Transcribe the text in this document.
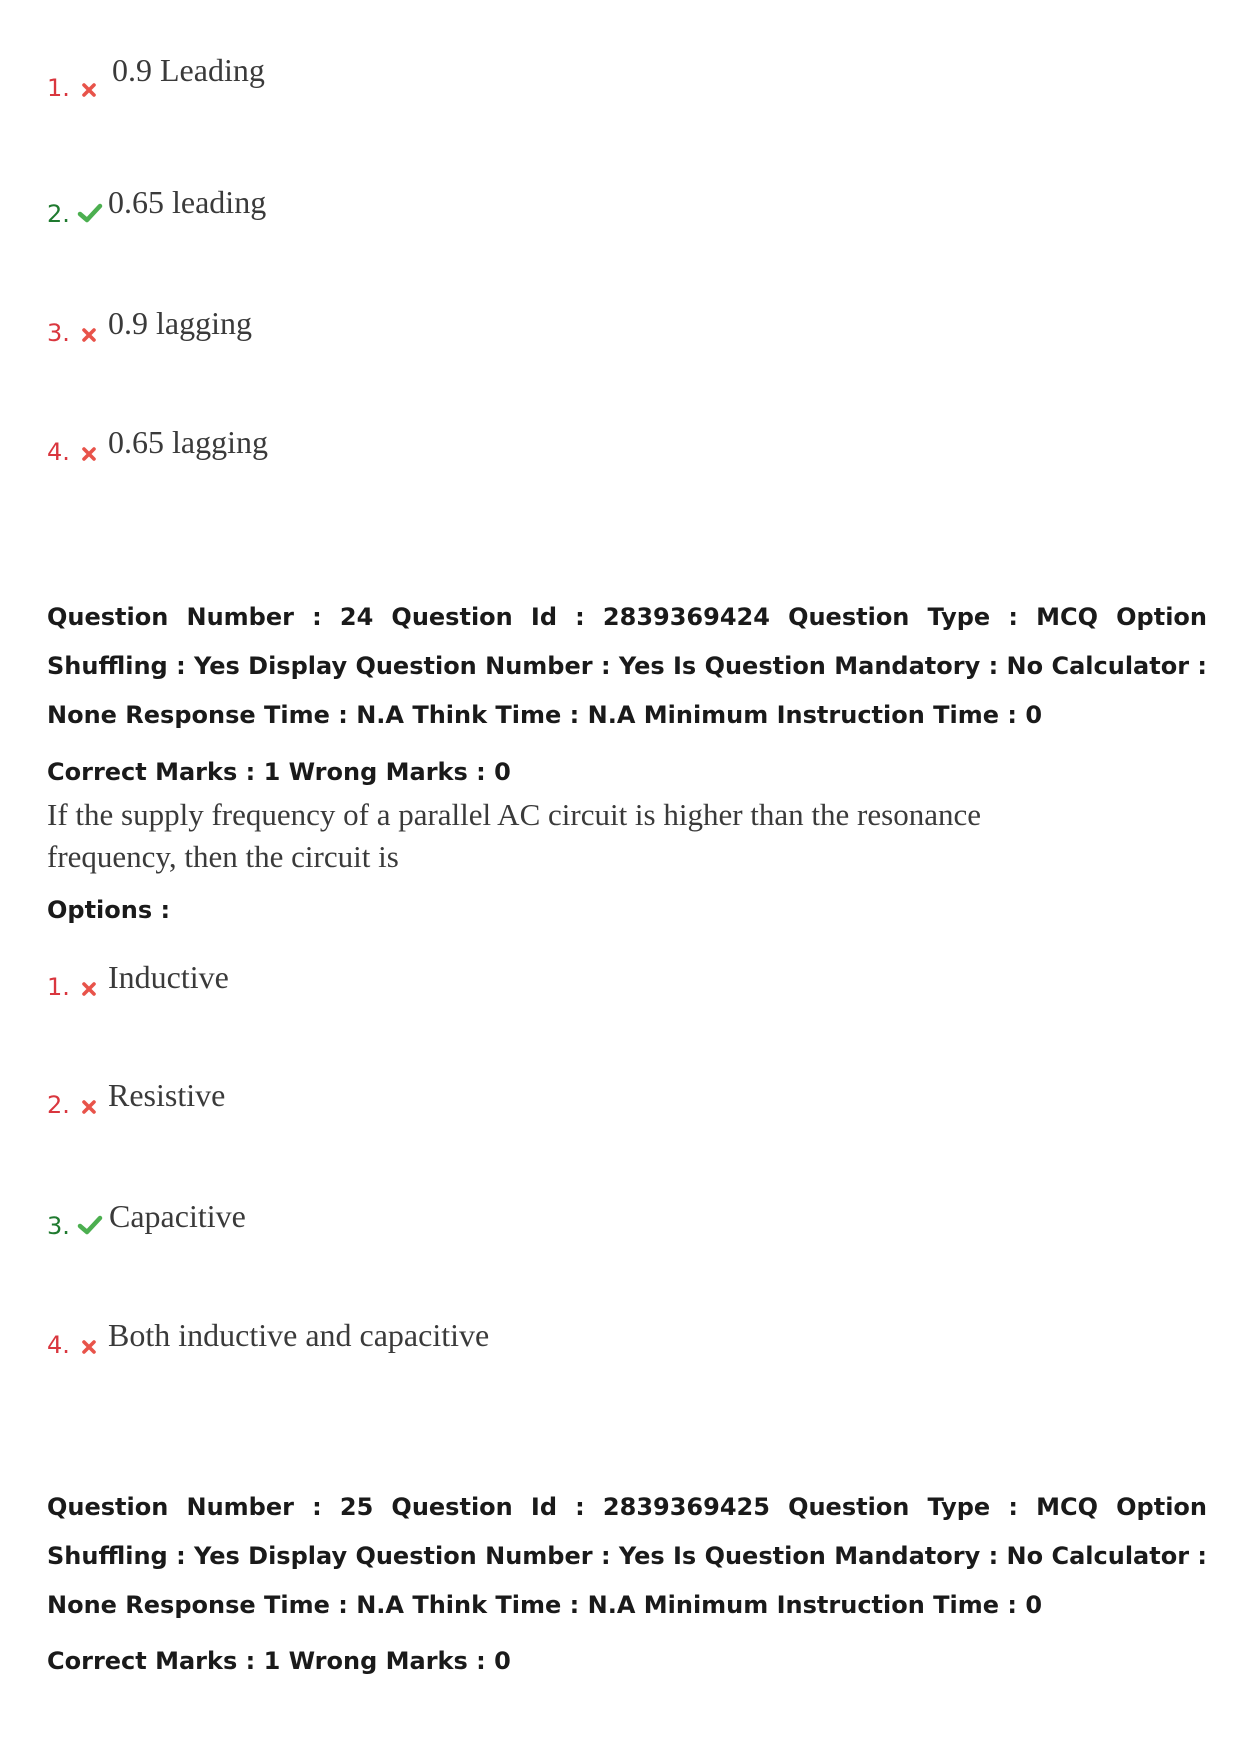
1. 0.9 Leading
2. 0.65 leading
3. 0.9 lagging
4. 0.65 lagging
Question Number : 24 Question Id : 2839369424 Question Type : MCQ Option Shuffling : Yes Display Question Number : Yes Is Question Mandatory : No Calculator : None Response Time : N.A Think Time : N.A Minimum Instruction Time : 0
Correct Marks : 1 Wrong Marks : 0
If the supply frequency of a parallel AC circuit is higher than the resonance
frequency, then the circuit is
Options :
1. Inductive
2. Resistive
3. Capacitive
4. Both inductive and capacitive
Question Number : 25 Question Id : 2839369425 Question Type : MCQ Option Shuffling : Yes Display Question Number : Yes Is Question Mandatory : No Calculator : None Response Time : N.A Think Time : N.A Minimum Instruction Time : 0
Correct Marks : 1 Wrong Marks : 0
